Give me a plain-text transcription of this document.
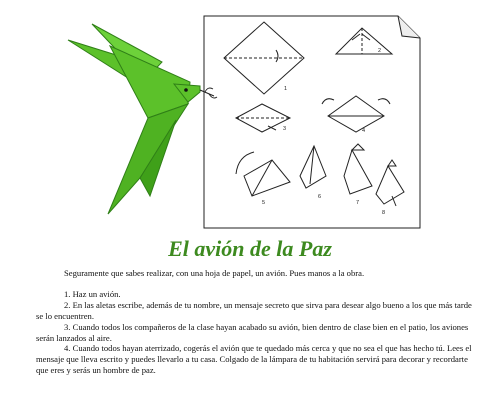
1
2
3	4
5
6
7
8
El avión de la Paz

Seguramente que sabes realizar, con una hoja de papel, un avión. Pues manos a la obra.

1. Haz un avión.

2. En las aletas escribe, además de tu nombre, un mensaje secreto que sirva para desear algo bueno a los que más tarde se lo encuentren.

3. Cuando todos los compañeros de la clase hayan acabado su avión, bien dentro de clase bien en el patio, los aviones serán lanzados al aire.

4. Cuando todos hayan aterrizado, cogerás el avión que te quedado más cerca y que no sea el que has hecho tú. Lees el mensaje que lleva escrito y puedes llevarlo a tu casa. Colgado de la lámpara de tu habitación servirá para decorar y recordarte que eres y serás un hombre de paz.
